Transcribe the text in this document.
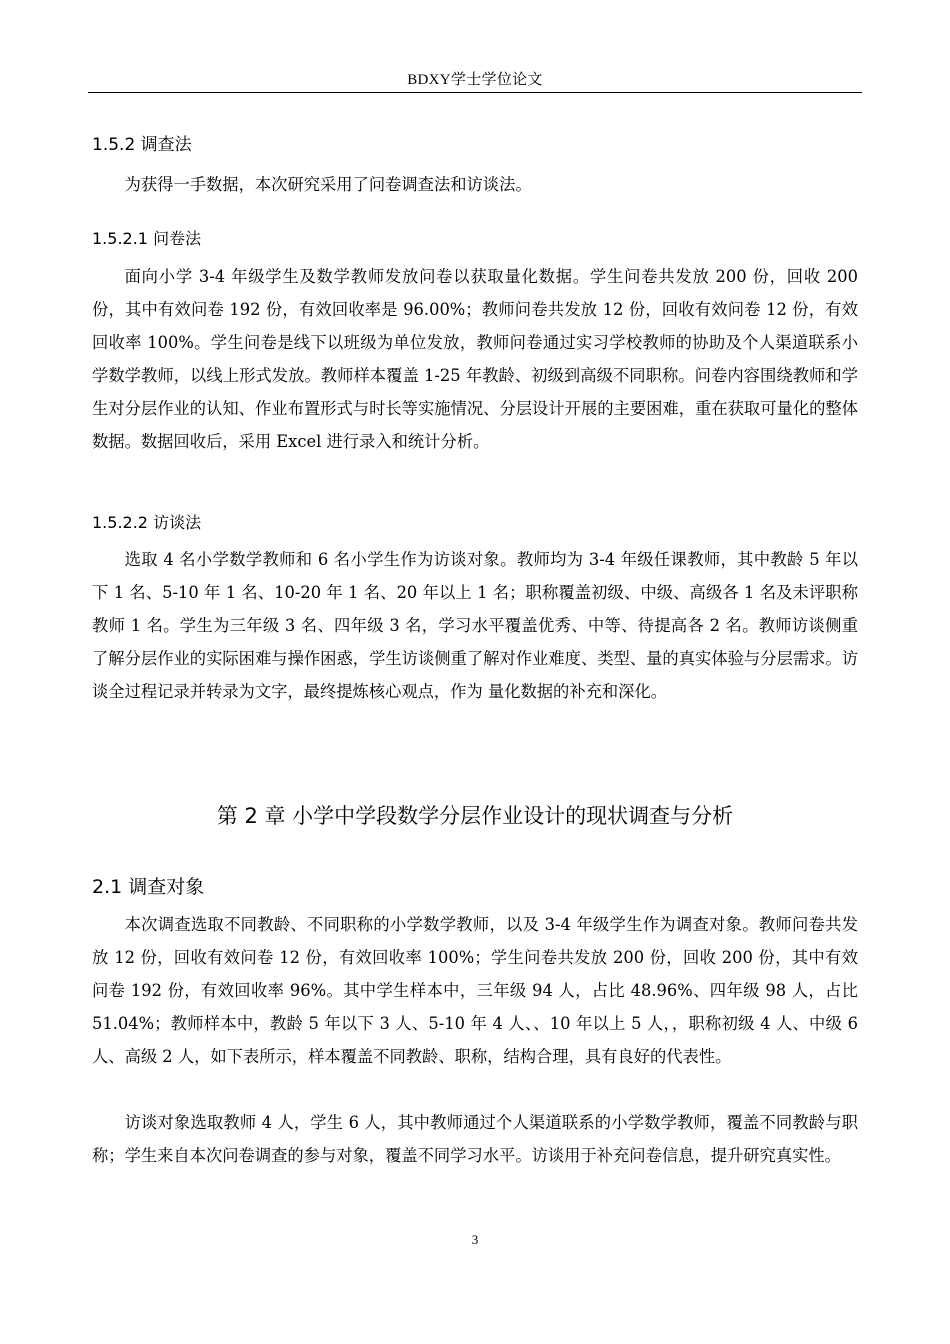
BDXY学士学位论文
1.5.2 调查法

为获得一手数据，本次研究采用了问卷调查法和访谈法。

1.5.2.1 问卷法

面向小学 3-4 年级学生及数学教师发放问卷以获取量化数据。学生问卷共发放 200 份，回收 200 份，其中有效问卷 192 份，有效回收率是 96.00%；教师问卷共发放 12 份，回收有效问卷 12 份，有效回收率 100%。学生问卷是线下以班级为单位发放，教师问卷通过实习学校教师的协助及个人渠道联系小学数学教师，以线上形式发放。教师样本覆盖 1-25 年教龄、初级到高级不同职称。问卷内容围绕教师和学生对分层作业的认知、作业布置形式与时长等实施情况、分层设计开展的主要困难，重在获取可量化的整体数据。数据回收后，采用 Excel 进行录入和统计分析。

1.5.2.2 访谈法

选取 4 名小学数学教师和 6 名小学生作为访谈对象。教师均为 3-4 年级任课教师，其中教龄 5 年以下 1 名、5-10 年 1 名、10-20 年 1 名、20 年以上 1 名；职称覆盖初级、中级、高级各 1 名及未评职称教师 1 名。学生为三年级 3 名、四年级 3 名，学习水平覆盖优秀、中等、待提高各 2 名。教师访谈侧重了解分层作业的实际困难与操作困惑，学生访谈侧重了解对作业难度、类型、量的真实体验与分层需求。访谈全过程记录并转录为文字，最终提炼核心观点，作为 量化数据的补充和深化。

第 2 章 小学中学段数学分层作业设计的现状调查与分析
2.1 调查对象

本次调查选取不同教龄、不同职称的小学数学教师，以及 3-4 年级学生作为调查对象。教师问卷共发放 12 份，回收有效问卷 12 份，有效回收率 100%；学生问卷共发放 200 份，回收 200 份，其中有效问卷 192 份，有效回收率 96%。其中学生样本中，三年级 94 人，占比 48.96%、四年级 98 人，占比 51.04%；教师样本中，教龄 5 年以下 3 人、5-10 年 4 人、、10 年以上 5 人，，职称初级 4 人、中级 6 人、高级 2 人，如下表所示，样本覆盖不同教龄、职称，结构合理，具有良好的代表性。

访谈对象选取教师 4 人，学生 6 人，其中教师通过个人渠道联系的小学数学教师，覆盖不同教龄与职称；学生来自本次问卷调查的参与对象，覆盖不同学习水平。访谈用于补充问卷信息，提升研究真实性。

3
